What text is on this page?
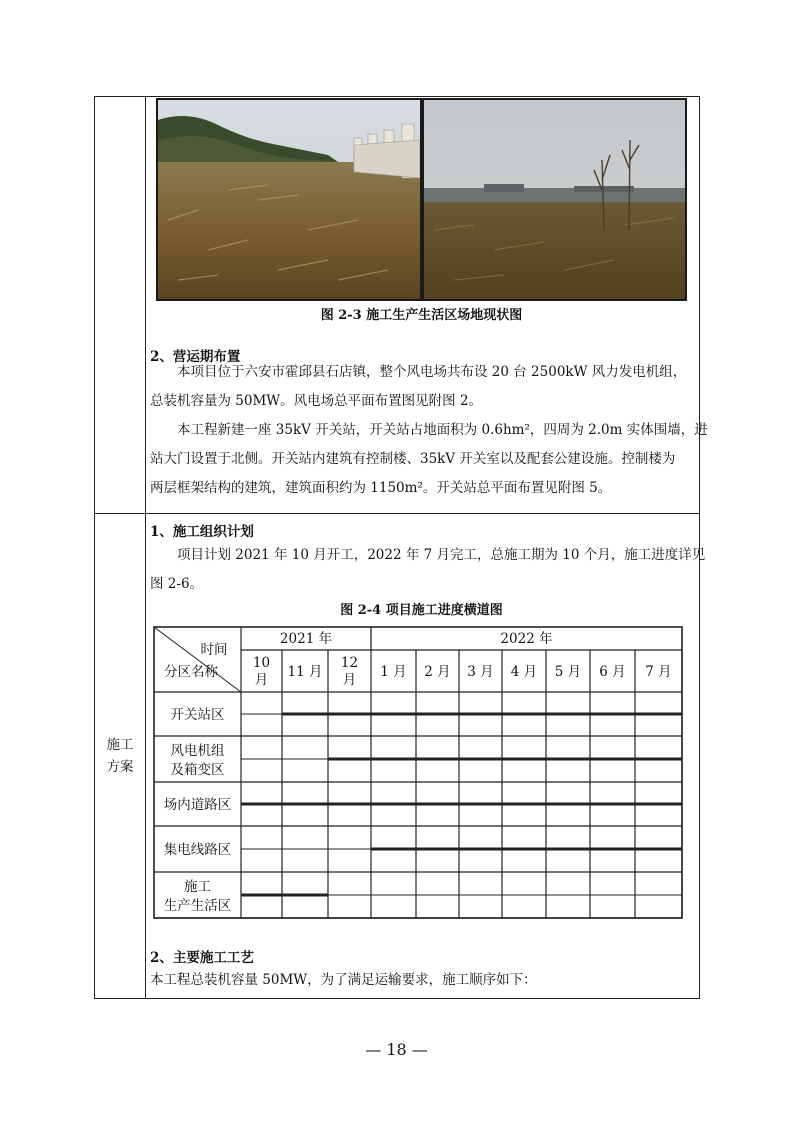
图 2-3 施工生产生活区场地现状图
2、营运期布置
本项目位于六安市霍邱县石店镇，整个风电场共布设 20 台 2500kW 风力发电机组，
总装机容量为 50MW。风电场总平面布置图见附图 2。
本工程新建一座 35kV 开关站，开关站占地面积为 0.6hm²，四周为 2.0m 实体围墙，进
站大门设置于北侧。开关站内建筑有控制楼、35kV 开关室以及配套公建设施。控制楼为
两层框架结构的建筑，建筑面积约为 1150m²。开关站总平面布置见附图 5。
施工
方案
1、施工组织计划
项目计划 2021 年 10 月开工，2022 年 7 月完工，总施工期为 10 个月，施工进度详见
图 2-6。
图 2-4 项目施工进度横道图
时间
分区名称
2021 年	2022 年
10
月 11 月
12
月 1 月 2 月 3 月 4 月 5 月 6 月 7 月
开关站区
风电机组
及箱变区
场内道路区
集电线路区
施工
生产生活区
2、主要施工工艺
本工程总装机容量 50MW，为了满足运输要求，施工顺序如下：
— 18 —
